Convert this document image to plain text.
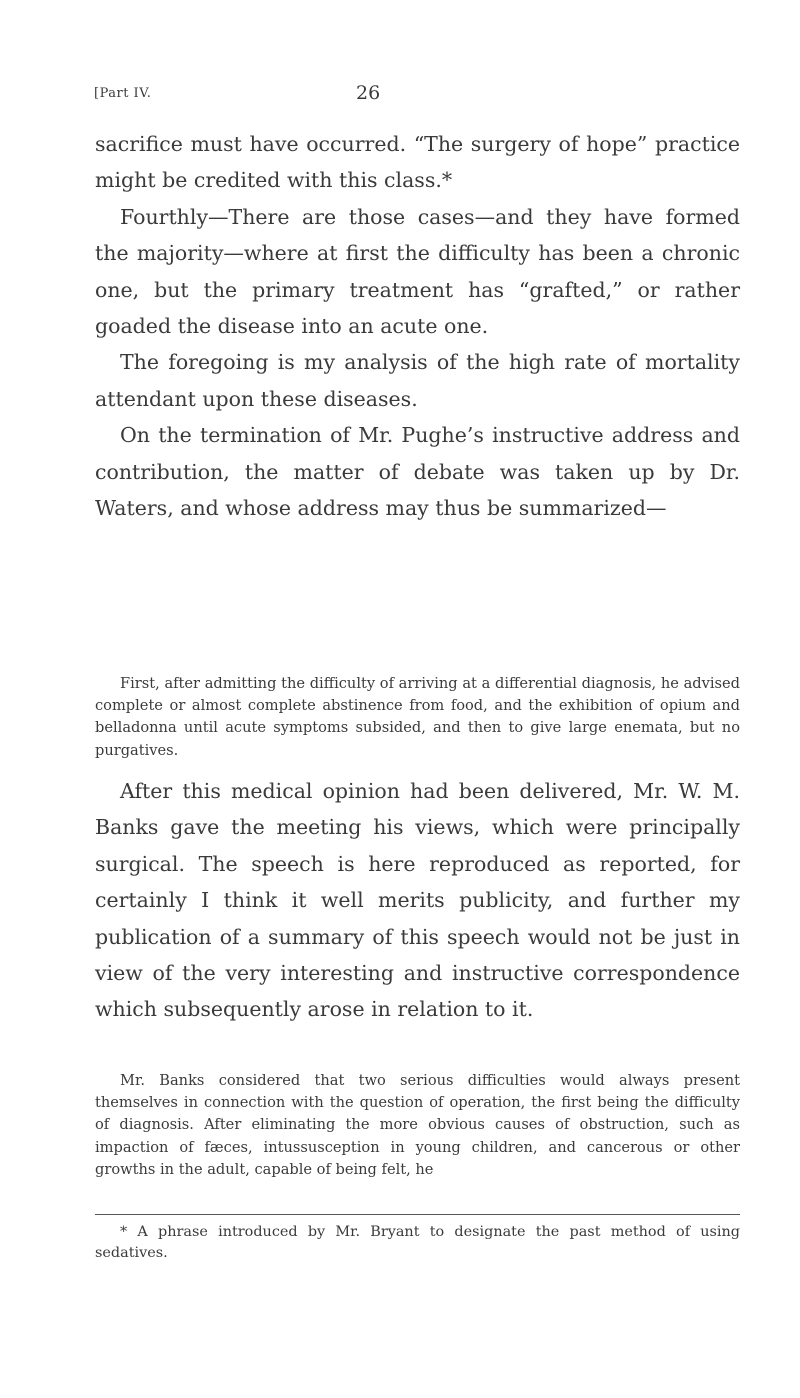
[Part IV.	26

sacrifice must have occurred. “The surgery of hope” practice might be credited with this class.*

Fourthly—There are those cases—and they have formed the majority—where at first the difficulty has been a chronic one, but the primary treatment has “grafted,” or rather goaded the disease into an acute one.

The foregoing is my analysis of the high rate of mortality attendant upon these diseases.

On the termination of Mr. Pughe’s instructive address and contribution, the matter of debate was taken up by Dr. Waters, and whose address may thus be summarized—

First, after admitting the difficulty of arriving at a differential diagnosis, he advised complete or almost complete abstinence from food, and the exhibition of opium and belladonna until acute symptoms subsided, and then to give large enemata, but no purgatives.

After this medical opinion had been delivered, Mr. W. M. Banks gave the meeting his views, which were principally surgical. The speech is here reproduced as reported, for certainly I think it well merits publicity, and further my publication of a summary of this speech would not be just in view of the very interesting and instructive correspondence which subsequently arose in relation to it.

Mr. Banks considered that two serious difficulties would always present themselves in connection with the question of operation, the first being the difficulty of diagnosis. After eliminating the more obvious causes of obstruction, such as impaction of fæces, intussusception in young children, and cancerous or other growths in the adult, capable of being felt, he

* A phrase introduced by Mr. Bryant to designate the past method of using sedatives.
